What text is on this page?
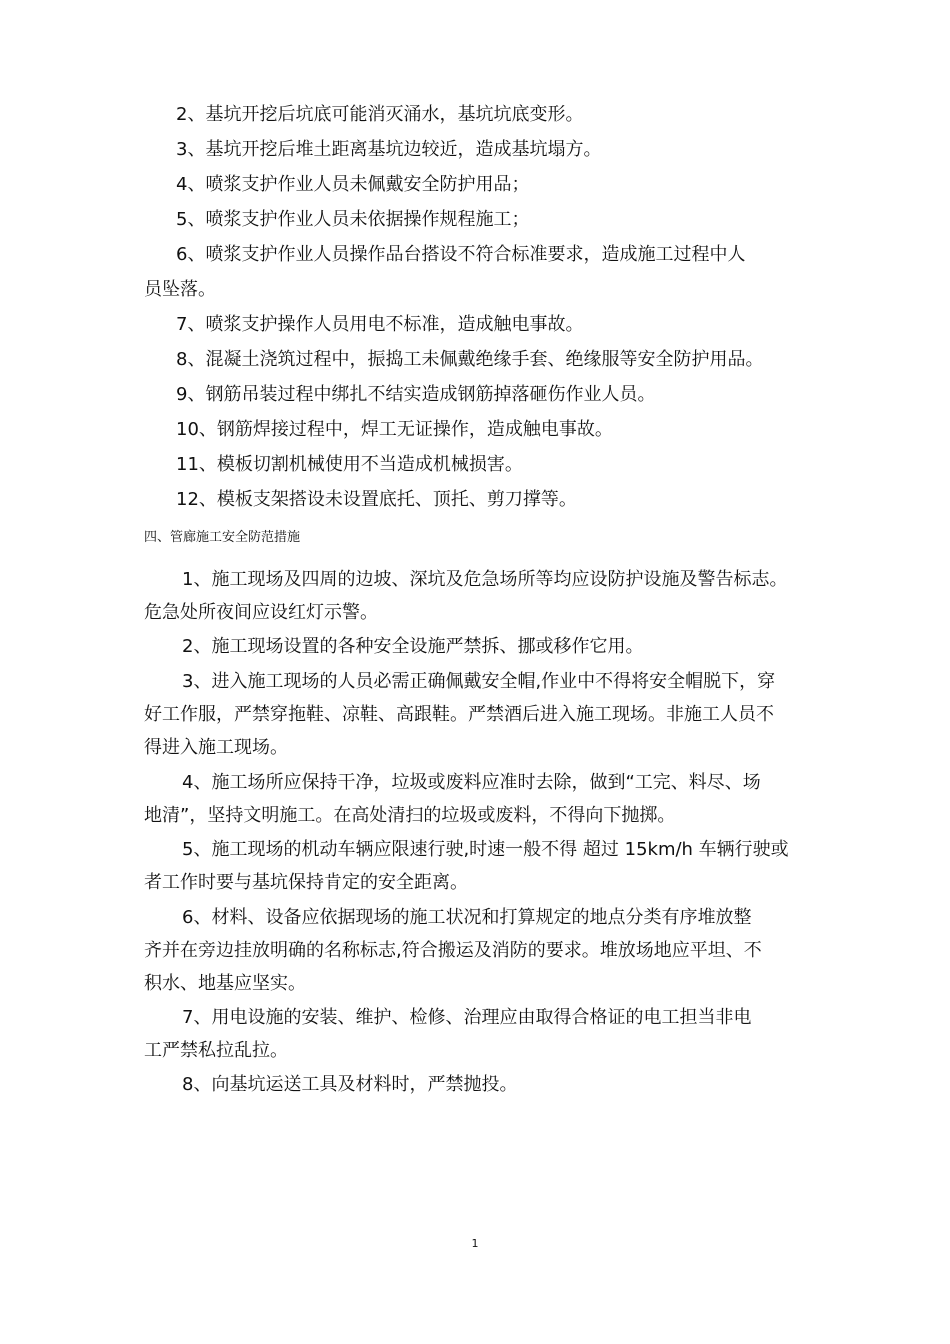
2、基坑开挖后坑底可能消灭涌水，基坑坑底变形。
3、基坑开挖后堆土距离基坑边较近，造成基坑塌方。
4、喷浆支护作业人员未佩戴安全防护用品；
5、喷浆支护作业人员未依据操作规程施工；
6、喷浆支护作业人员操作品台搭设不符合标准要求，造成施工过程中人
员坠落。
7、喷浆支护操作人员用电不标准，造成触电事故。
8、混凝土浇筑过程中，振捣工未佩戴绝缘手套、绝缘服等安全防护用品。
9、钢筋吊装过程中绑扎不结实造成钢筋掉落砸伤作业人员。
10、钢筋焊接过程中，焊工无证操作，造成触电事故。
11、模板切割机械使用不当造成机械损害。
12、模板支架搭设未设置底托、顶托、剪刀撑等。
四、管廊施工安全防范措施
1、施工现场及四周的边坡、深坑及危急场所等均应设防护设施及警告标志。
危急处所夜间应设红灯示警。
2、施工现场设置的各种安全设施严禁拆、挪或移作它用。
3、进入施工现场的人员必需正确佩戴安全帽,作业中不得将安全帽脱下，穿
好工作服，严禁穿拖鞋、凉鞋、高跟鞋。严禁酒后进入施工现场。非施工人员不
得进入施工现场。
4、施工场所应保持干净，垃圾或废料应准时去除，做到“工完、料尽、场
地清”，坚持文明施工。在高处清扫的垃圾或废料，不得向下抛掷。
5、施工现场的机动车辆应限速行驶,时速一般不得 超过 15km/h 车辆行驶或
者工作时要与基坑保持肯定的安全距离。
6、材料、设备应依据现场的施工状况和打算规定的地点分类有序堆放整
齐并在旁边挂放明确的名称标志,符合搬运及消防的要求。堆放场地应平坦、不
积水、地基应坚实。
7、用电设施的安装、维护、检修、治理应由取得合格证的电工担当非电
工严禁私拉乱拉。
8、向基坑运送工具及材料时，严禁抛投。
1
